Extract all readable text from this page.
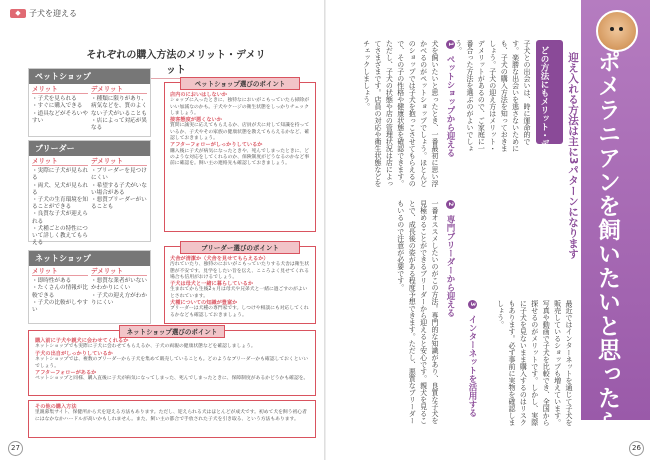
◆	子犬を迎える
それぞれの購入方法のメリット・デメリット
ペットショップ
メリット
・子犬を見られる
・すぐに購入できる
・道具などがそろいやすい
デメリット
・種類に限りがあり、病気などを、質のよくない子犬がいることも
・店によって対応が異なる
ブリーダー
メリット
・実際に子犬が見られる
・両犬、兄犬が見られる
・子犬の生育環境を知ることができる
・良質な子犬が迎えられる
・犬種ごとの特性について詳しく教えてもらえる
デメリット
・ブリーダーを見つけにくい
・希望する子犬がいない場合がある
・悪質ブリーダーがいることも
ネットショップ
メリット
・即時性がある
・たくさんの情報が比較できる
・子犬の比較がしやすい
デメリット
・悪質な業者がいないかわかりにくい
・子犬の迎え方がわかりにくい
ペットショップ選びのポイント
店内のにおいはしないか
ショップに入ったときに、独特なにおいがこもっていたら掃除がいい加減なのかも。子犬やケージの衛生状態をしっかりチェックしましょう。
接客態度が悪くないか
質問に誠実に応えてもらえるか、店員が犬に対して知識を持っているか、子犬やその家族の健康状態を教えてもらえるかなど、確認しておきましょう。
アフターフォローがしっかりしているか
購入後に子犬が病気になったときや、死んでしまったときに、どのような対応をしてくれるのか、保険制度がどうなるのかなど事前に確認を。飼い主の連絡先も確認しておきましょう。
ブリーダー選びのポイント
犬舎が清潔か（犬舎を見せてもらえるか）
汚れていたり、独特のにおいがこもっていたりする犬舎は衛生状態が不安です。見学をしたい旨を伝え、こころよく見せてくれる場合も信用がおけるでしょう。
子犬は母犬と一緒に暮らしているか
生まれてから生後2ヵ月は母犬や兄弟犬と一緒に過ごすのがよいとされています。
犬種についての知識が豊富か
ブリーダーは犬種の専門家です。しつけや相談にも対応してくれるかなども確認しておきましょう。
ネットショップ選びのポイント
購入前に子犬や親犬に会わせてくれるか
ネットショップでも実際に子犬に会わせてもらえるか、子犬の両親の健康状態などを確認しましょう。
子犬の出自がしっかりしているか
ネットショップでは、複数のブリーダーから子犬を集めて販売していることも。どのようなブリーダーかも確認しておくといいでしょう。
アフターフォローがあるか
ペットショップと同様、購入直後に子犬が病気になってしまった、死んでしまったときに、保障制度があるかどうかも確認を。
その他の購入方法
里親募集サイト、保健所から犬を迎える方法もあります。ただし、迎えられる犬はほとんどが成犬です。初めて犬を飼う初心者にはなかなかハードルが高いかもしれません。また、飼い主の都合で手放された子犬を引き取る、という方法もあります。
27
ポメラニアンを飼いたいと思ったら
迎え入れる方法は主に3パターンになります
どの方法にもメリット・デメリットがある
子犬との出会いは、時に運命的です。楽勝な出会いを逃さないためにも、子犬の購入方法を知っておきましょう。子犬の迎え方はメリット・デメリットがあるので、ご家庭に一番合った方法を選ぶのがよいでしょう。
1 ペットショップから迎える
犬を飼いたいと思ったとき、一番最初に思い浮かべるのがペットショップでしょう。ほとんどのショップでは子犬を抱っこさせてもらえるので、その子の性格や健康状態を確認できます。ただし、子犬の状態や店の管理状況は店によってさまざまです。店員の対応や衛生状態などをチェックしましょう。
2 専門ブリーダーから迎える
一番オススメしたいのがこの方法。専門的な知識があり、良質な子犬を見極めることができるブリーダーから迎えると安心です。親犬を見ることで、成長後の姿がある程度予想できます。ただし、悪質なブリーダーもいるので注意が必要です。
3 インターネットを活用する	最近ではインターネットを通じて子犬を販売しているショップも増えています。写真や動画で子犬を比較でき、全国から探せるのがメリットです。しかし、実際に子犬を見ないまま購入するのはリスクもあります。必ず事前に実物を確認しましょう。
26
